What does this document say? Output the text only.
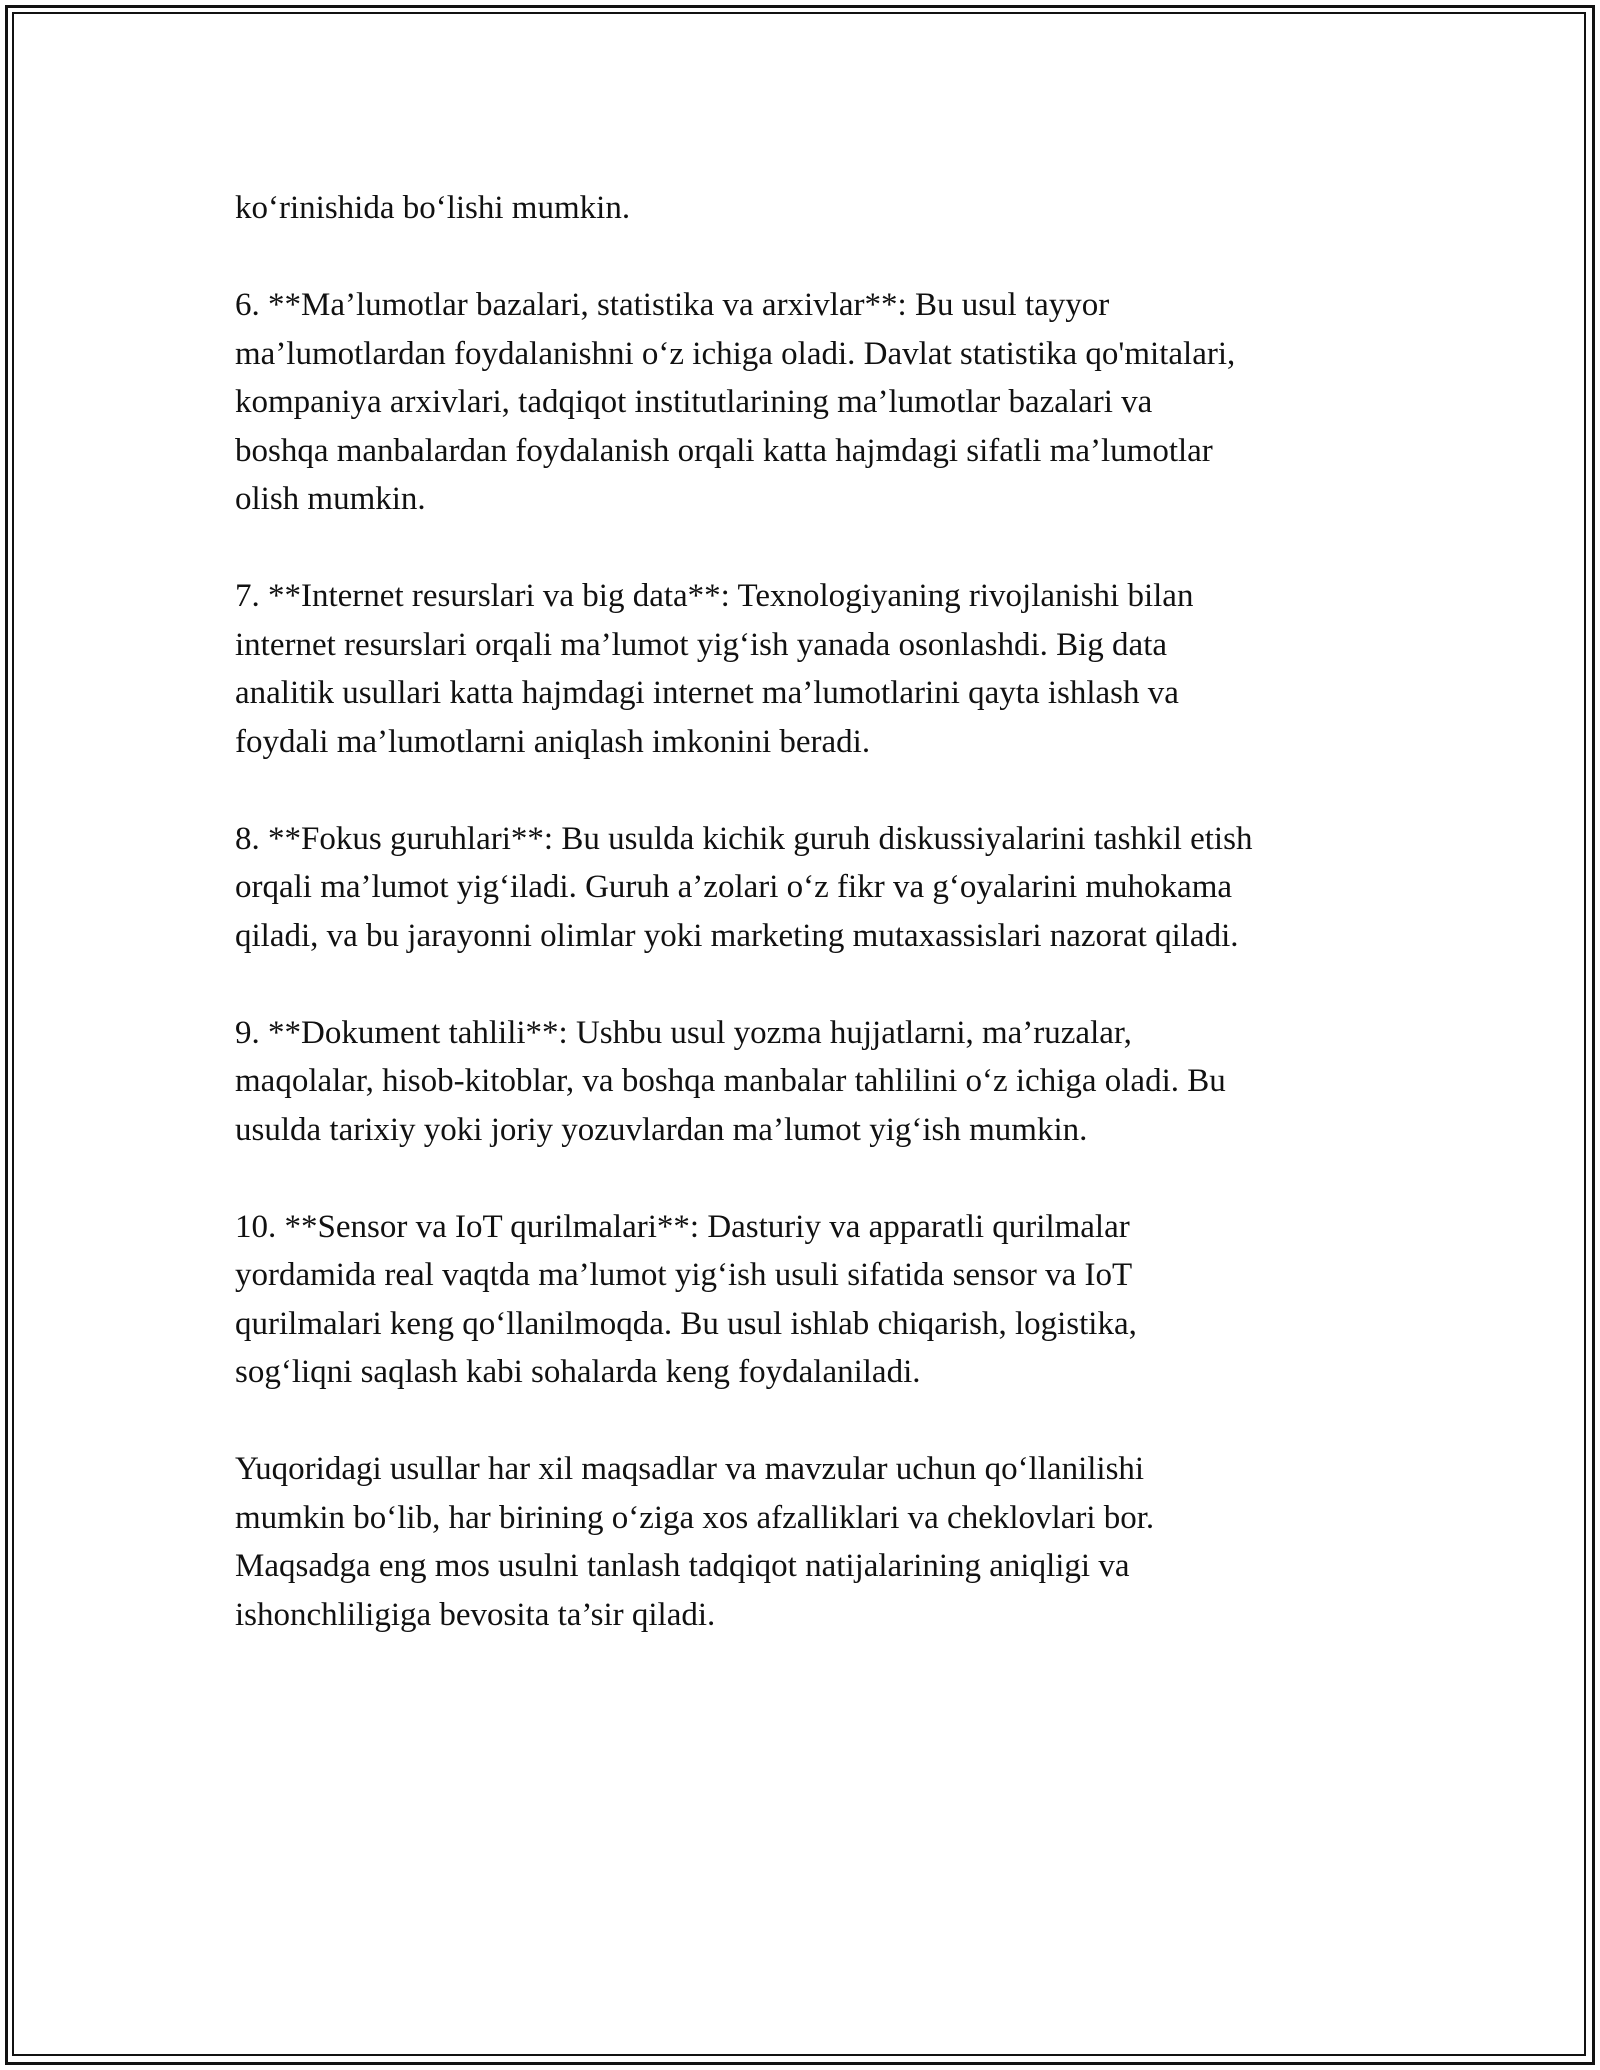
ko‘rinishida bo‘lishi mumkin.

6. **Ma’lumotlar bazalari, statistika va arxivlar**: Bu usul tayyor
ma’lumotlardan foydalanishni o‘z ichiga oladi. Davlat statistika qo'mitalari,
kompaniya arxivlari, tadqiqot institutlarining ma’lumotlar bazalari va
boshqa manbalardan foydalanish orqali katta hajmdagi sifatli ma’lumotlar
olish mumkin.

7. **Internet resurslari va big data**: Texnologiyaning rivojlanishi bilan
internet resurslari orqali ma’lumot yig‘ish yanada osonlashdi. Big data
analitik usullari katta hajmdagi internet ma’lumotlarini qayta ishlash va
foydali ma’lumotlarni aniqlash imkonini beradi.

8. **Fokus guruhlari**: Bu usulda kichik guruh diskussiyalarini tashkil etish
orqali ma’lumot yig‘iladi. Guruh a’zolari o‘z fikr va g‘oyalarini muhokama
qiladi, va bu jarayonni olimlar yoki marketing mutaxassislari nazorat qiladi.

9. **Dokument tahlili**: Ushbu usul yozma hujjatlarni, ma’ruzalar,
maqolalar, hisob-kitoblar, va boshqa manbalar tahlilini o‘z ichiga oladi. Bu
usulda tarixiy yoki joriy yozuvlardan ma’lumot yig‘ish mumkin.

10. **Sensor va IoT qurilmalari**: Dasturiy va apparatli qurilmalar
yordamida real vaqtda ma’lumot yig‘ish usuli sifatida sensor va IoT
qurilmalari keng qo‘llanilmoqda. Bu usul ishlab chiqarish, logistika,
sog‘liqni saqlash kabi sohalarda keng foydalaniladi.

Yuqoridagi usullar har xil maqsadlar va mavzular uchun qo‘llanilishi
mumkin bo‘lib, har birining o‘ziga xos afzalliklari va cheklovlari bor.
Maqsadga eng mos usulni tanlash tadqiqot natijalarining aniqligi va
ishonchliligiga bevosita ta’sir qiladi.
